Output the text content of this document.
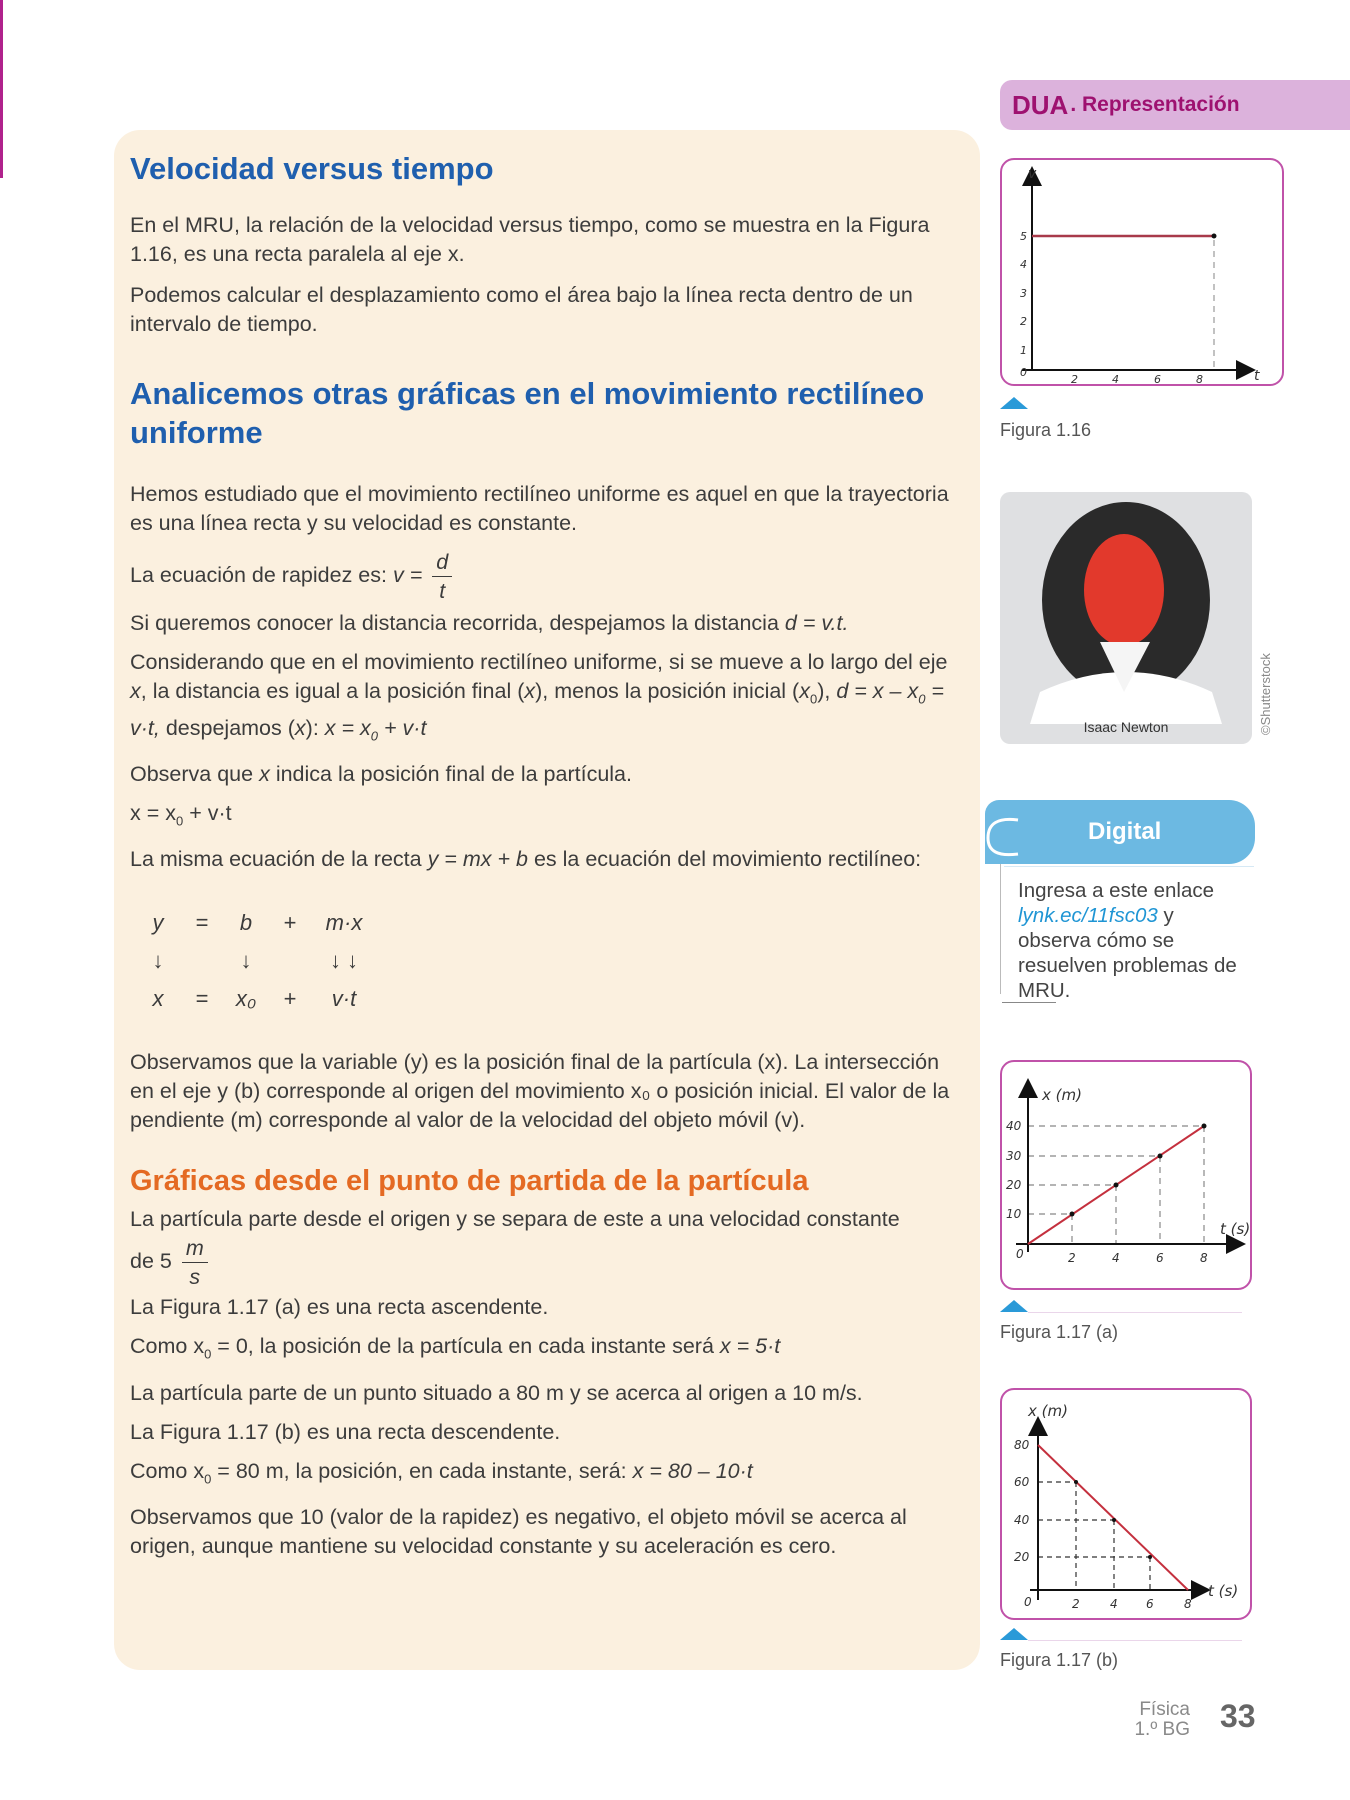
Velocidad versus tiempo

En el MRU, la relación de la velocidad versus tiempo, como se muestra en la Figura 1.16, es una recta paralela al eje x.

Podemos calcular el desplazamiento como el área bajo la línea recta dentro de un intervalo de tiempo.

Analicemos otras gráficas en el movimiento rectilíneo uniforme

Hemos estudiado que el movimiento rectilíneo uniforme es aquel en que la trayectoria es una línea recta y su velocidad es constante.

La ecuación de rapidez es: $v = \frac{d}{t}$

Si queremos conocer la distancia recorrida, despejamos la distancia d = v.t.

Considerando que en el movimiento rectilíneo uniforme, si se mueve a lo largo del eje x, la distancia es igual a la posición final (x), menos la posición inicial $(x_0)$, $d = x - x_0 = v\cdot t$, despejamos (x): $x = x_0 + v\cdot t$

Observa que x indica la posición final de la partícula.

$x = x_0 + v\cdot t$

La misma ecuación de la recta y = mx + b es la ecuación del movimiento rectilíneo:

y	=	b	+	m·x
↓		↓		↓ ↓
x	=	x₀	+	v·t

Observamos que la variable (y) es la posición final de la partícula (x). La intersección en el eje y (b) corresponde al origen del movimiento x₀ o posición inicial. El valor de la pendiente (m) corresponde al valor de la velocidad del objeto móvil (v).

Gráficas desde el punto de partida de la partícula

La partícula parte desde el origen y se separa de este a una velocidad constante

de $5 \frac{m}{s}$

La Figura 1.17 (a) es una recta ascendente.

Como $x_0 = 0$, la posición de la partícula en cada instante será x = 5·t

La partícula parte de un punto situado a 80 m y se acerca al origen a 10 m/s.

La Figura 1.17 (b) es una recta descendente.

Como $x_0 = 80$ m, la posición, en cada instante, será: x = 80 – 10·t

Observamos que 10 (valor de la rapidez) es negativo, el objeto móvil se acerca al origen, aunque mantiene su velocidad constante y su aceleración es cero.

DUA . Representación
v
t
0
2	4	6	8
1
2
3
4
5
Figura 1.16
Isaac Newton	©Shutterstock
Digital
Ingresa a este enlace lynk.ec/11fsc03 y observa cómo se resuelven problemas de MRU.
x (m)
t (s)
0	2	4	6	8
10
20
30
40
Figura 1.17 (a)
x (m)
t (s)
0	2	4 6	8
80
60
40
20
Figura 1.17 (b)
Física
1.º BG 33
